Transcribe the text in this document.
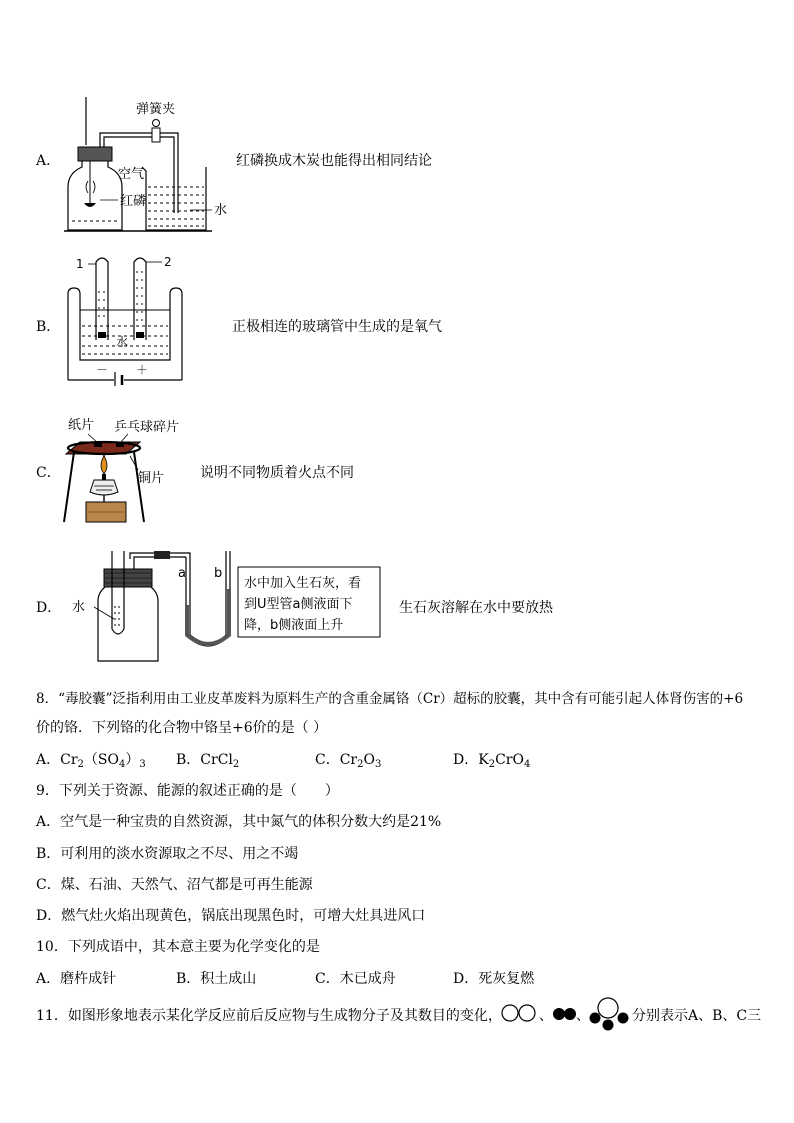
A．
弹簧夹
空气
红磷
水
红磷换成木炭也能得出相同结论
B．
1	2
水
－ ＋
正极相连的玻璃管中生成的是氧气
C．
纸片 乒乓球碎片
铜片	说明不同物质着火点不同
D． 水
a b
水中加入生石灰，看
到U型管a侧液面下
降，b侧液面上升
生石灰溶解在水中要放热
8．“毒胶囊”泛指利用由工业皮革废料为原料生产的含重金属铬（Cr）超标的胶囊，其中含有可能引起人体肾伤害的+6
价的铬．下列铬的化合物中铬呈+6价的是（ ）
A．$Cr_2(SO_4)_3$ B．CrCl$_2$	C．$Cr_2O_3$	D．$K_2CrO_4$
9．下列关于资源、能源的叙述正确的是（　　）
A．空气是一种宝贵的自然资源，其中氮气的体积分数大约是21%
B．可利用的淡水资源取之不尽、用之不竭
C．煤、石油、天然气、沼气都是可再生能源
D．燃气灶火焰出现黄色，锅底出现黑色时，可增大灶具进风口
10．下列成语中，其本意主要为化学变化的是
A．磨杵成针	B．积土成山	C．木已成舟	D．死灰复燃
11．如图形象地表示某化学反应前后反应物与生成物分子及其数目的变化，	、 、	分别表示A、B、C三
